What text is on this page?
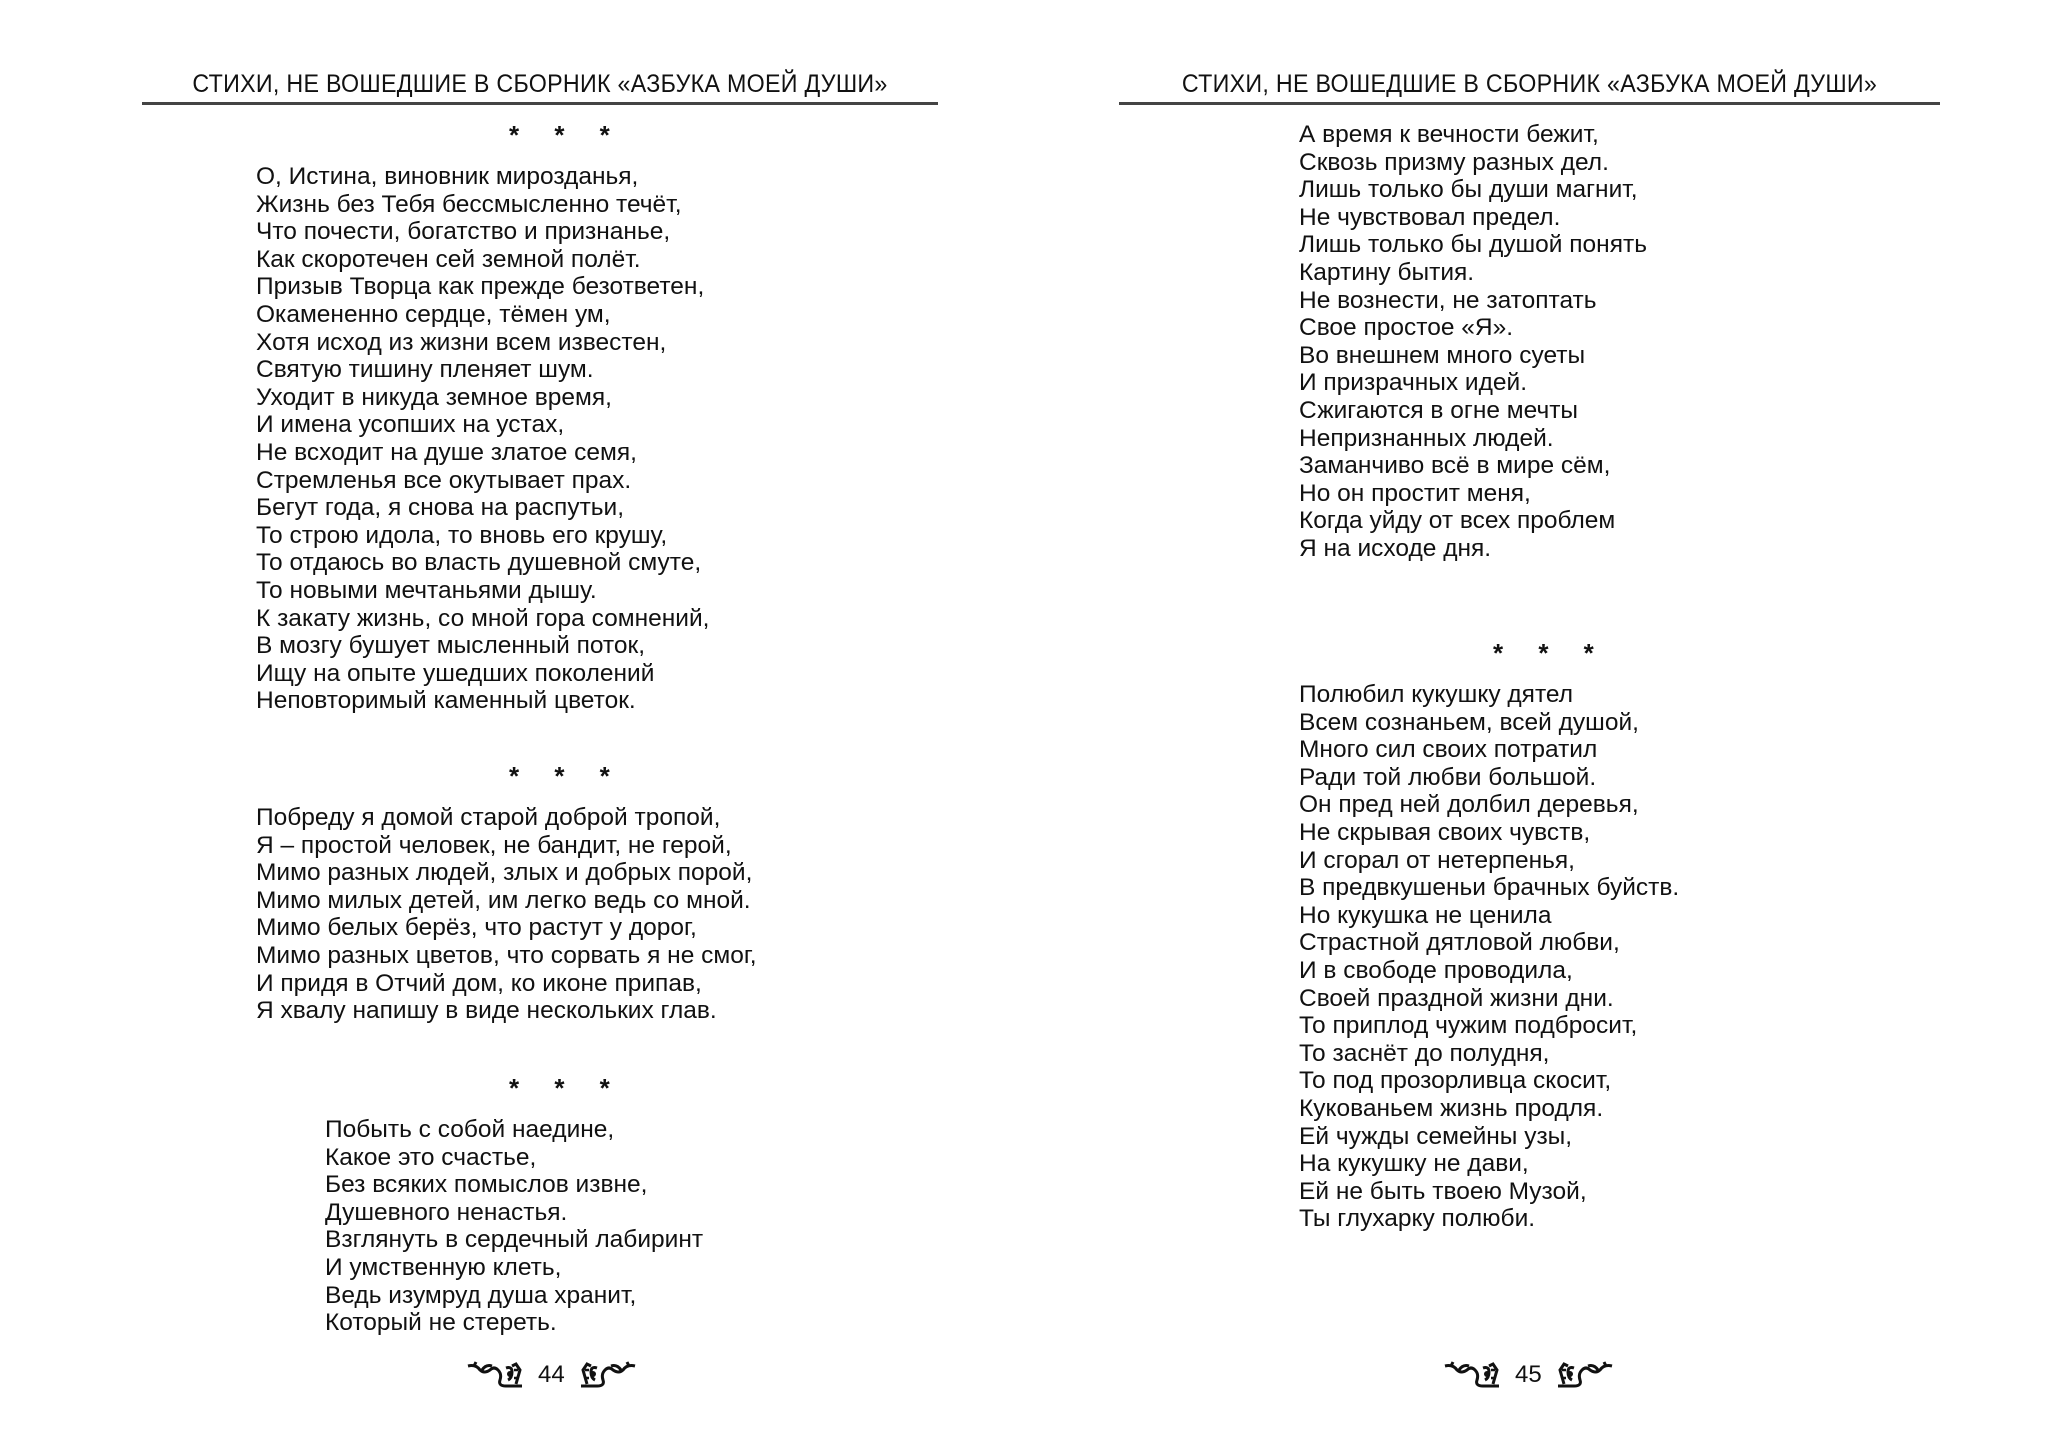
СТИХИ, НЕ ВОШЕДШИЕ В СБОРНИК «АЗБУКА МОЕЙ ДУШИ»
* * *
О, Истина, виновник мирозданья,
Жизнь без Тебя бессмысленно течёт,
Что почести, богатство и признанье,
Как скоротечен сей земной полёт.
Призыв Творца как прежде безответен,
Окамененно сердце, тёмен ум,
Хотя исход из жизни всем известен,
Святую тишину пленяет шум.
Уходит в никуда земное время,
И имена усопших на устах,
Не всходит на душе златое семя,
Стремленья все окутывает прах.
Бегут года, я снова на распутьи,
То строю идола, то вновь его крушу,
То отдаюсь во власть душевной смуте,
То новыми мечтаньями дышу.
К закату жизнь, со мной гора сомнений,
В мозгу бушует мысленный поток,
Ищу на опыте ушедших поколений
Неповторимый каменный цветок.
* * *
Побреду я домой старой доброй тропой,
Я – простой человек, не бандит, не герой,
Мимо разных людей, злых и добрых порой,
Мимо милых детей, им легко ведь со мной.
Мимо белых берёз, что растут у дорог,
Мимо разных цветов, что сорвать я не смог,
И придя в Отчий дом, ко иконе припав,
Я хвалу напишу в виде нескольких глав.
* * *
Побыть с собой наедине,
Какое это счастье,
Без всяких помыслов извне,
Душевного ненастья.
Взглянуть в сердечный лабиринт
И умственную клеть,
Ведь изумруд душа хранит,
Который не стереть.
44
СТИХИ, НЕ ВОШЕДШИЕ В СБОРНИК «АЗБУКА МОЕЙ ДУШИ»
А время к вечности бежит,
Сквозь призму разных дел.
Лишь только бы души магнит,
Не чувствовал предел.
Лишь только бы душой понять
Картину бытия.
Не вознести, не затоптать
Свое простое «Я».
Во внешнем много суеты
И призрачных идей.
Сжигаются в огне мечты
Непризнанных людей.
Заманчиво всё в мире сём,
Но он простит меня,
Когда уйду от всех проблем
Я на исходе дня.
* * *
Полюбил кукушку дятел
Всем сознаньем, всей душой,
Много сил своих потратил
Ради той любви большой.
Он пред ней долбил деревья,
Не скрывая своих чувств,
И сгорал от нетерпенья,
В предвкушеньи брачных буйств.
Но кукушка не ценила
Страстной дятловой любви,
И в свободе проводила,
Своей праздной жизни дни.
То приплод чужим подбросит,
То заснёт до полудня,
То под прозорливца скосит,
Кукованьем жизнь продля.
Ей чужды семейны узы,
На кукушку не дави,
Ей не быть твоею Музой,
Ты глухарку полюби.
45
